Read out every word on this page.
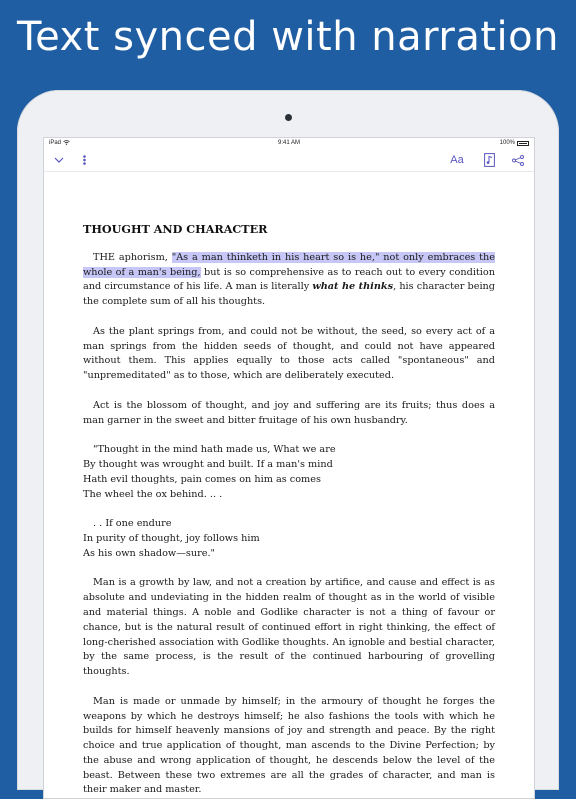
Text synced with narration
iPad	9:41 AM	100%
Aa
THOUGHT AND CHARACTER

THE aphorism, "As a man thinketh in his heart so is he," not only embraces the whole of a man's being, but is so comprehensive as to reach out to every condition and circumstance of his life. A man is literally what he thinks, his character being the complete sum of all his thoughts.

As the plant springs from, and could not be without, the seed, so every act of a man springs from the hidden seeds of thought, and could not have appeared without them. This applies equally to those acts called "spontaneous" and "unpremeditated" as to those, which are deliberately executed.

Act is the blossom of thought, and joy and suffering are its fruits; thus does a man garner in the sweet and bitter fruitage of his own husbandry.

"Thought in the mind hath made us, What we are
By thought was wrought and built. If a man's mind
Hath evil thoughts, pain comes on him as comes
The wheel the ox behind. .. .
. . If one endure
In purity of thought, joy follows him
As his own shadow—sure."

Man is a growth by law, and not a creation by artifice, and cause and effect is as absolute and undeviating in the hidden realm of thought as in the world of visible and material things. A noble and Godlike character is not a thing of favour or chance, but is the natural result of continued effort in right thinking, the effect of long-cherished association with Godlike thoughts. An ignoble and bestial character, by the same process, is the result of the continued harbouring of grovelling thoughts.

Man is made or unmade by himself; in the armoury of thought he forges the weapons by which he destroys himself; he also fashions the tools with which he builds for himself heavenly mansions of joy and strength and peace. By the right choice and true application of thought, man ascends to the Divine Perfection; by the abuse and wrong application of thought, he descends below the level of the beast. Between these two extremes are all the grades of character, and man is their maker and master.
